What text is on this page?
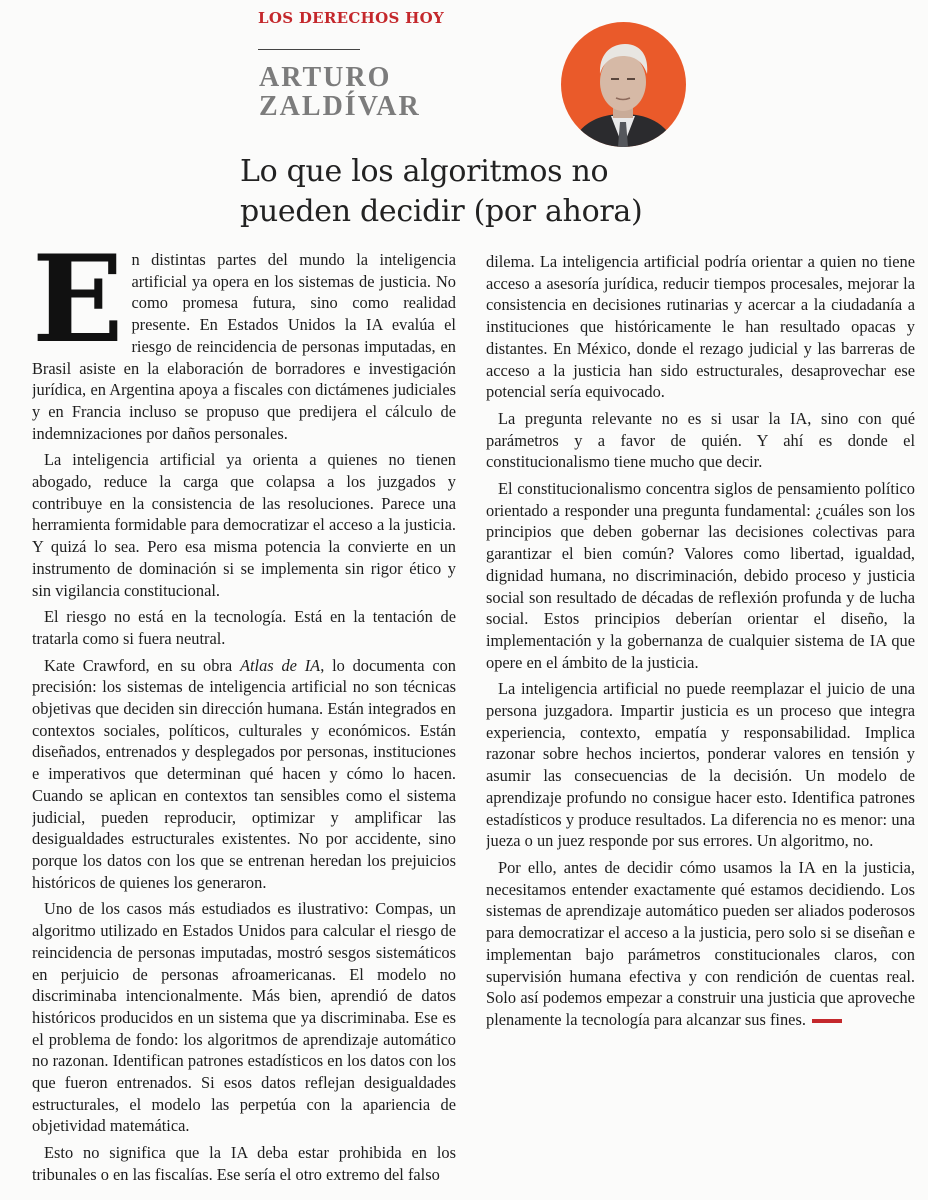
LOS DERECHOS HOY
ARTURO
ZALDÍVAR
Lo que los algoritmos no pueden decidir (por ahora)

En distintas partes del mundo la inteligencia artificial ya opera en los sistemas de justicia. No como promesa futura, sino como realidad presente. En Estados Unidos la IA evalúa el riesgo de reincidencia de personas imputadas, en Brasil asiste en la elaboración de borradores e investigación jurídica, en Argentina apoya a fiscales con dictámenes judiciales y en Francia incluso se propuso que predijera el cálculo de indemnizaciones por daños personales.

La inteligencia artificial ya orienta a quienes no tienen abogado, reduce la carga que colapsa a los juzgados y contribuye en la consistencia de las resoluciones. Parece una herramienta formidable para democratizar el acceso a la justicia. Y quizá lo sea. Pero esa misma potencia la convierte en un instrumento de dominación si se implementa sin rigor ético y sin vigilancia constitucional.

El riesgo no está en la tecnología. Está en la tentación de tratarla como si fuera neutral.

Kate Crawford, en su obra Atlas de IA, lo documenta con precisión: los sistemas de inteligencia artificial no son técnicas objetivas que deciden sin dirección humana. Están integrados en contextos sociales, políticos, culturales y económicos. Están diseñados, entrenados y desplegados por personas, instituciones e imperativos que determinan qué hacen y cómo lo hacen. Cuando se aplican en contextos tan sensibles como el sistema judicial, pueden reproducir, optimizar y amplificar las desigualdades estructurales existentes. No por accidente, sino porque los datos con los que se entrenan heredan los prejuicios históricos de quienes los generaron.

Uno de los casos más estudiados es ilustrativo: Compas, un algoritmo utilizado en Estados Unidos para calcular el riesgo de reincidencia de personas imputadas, mostró sesgos sistemáticos en perjuicio de personas afroamericanas. El modelo no discriminaba intencionalmente. Más bien, aprendió de datos históricos producidos en un sistema que ya discriminaba. Ese es el problema de fondo: los algoritmos de aprendizaje automático no razonan. Identifican patrones estadísticos en los datos con los que fueron entrenados. Si esos datos reflejan desigualdades estructurales, el modelo las perpetúa con la apariencia de objetividad matemática.

Esto no significa que la IA deba estar prohibida en los tribunales o en las fiscalías. Ese sería el otro extremo del falso

dilema. La inteligencia artificial podría orientar a quien no tiene acceso a asesoría jurídica, reducir tiempos procesales, mejorar la consistencia en decisiones rutinarias y acercar a la ciudadanía a instituciones que históricamente le han resultado opacas y distantes. En México, donde el rezago judicial y las barreras de acceso a la justicia han sido estructurales, desaprovechar ese potencial sería equivocado.

La pregunta relevante no es si usar la IA, sino con qué parámetros y a favor de quién. Y ahí es donde el constitucionalismo tiene mucho que decir.

El constitucionalismo concentra siglos de pensamiento político orientado a responder una pregunta fundamental: ¿cuáles son los principios que deben gobernar las decisiones colectivas para garantizar el bien común? Valores como libertad, igualdad, dignidad humana, no discriminación, debido proceso y justicia social son resultado de décadas de reflexión profunda y de lucha social. Estos principios deberían orientar el diseño, la implementación y la gobernanza de cualquier sistema de IA que opere en el ámbito de la justicia.

La inteligencia artificial no puede reemplazar el juicio de una persona juzgadora. Impartir justicia es un proceso que integra experiencia, contexto, empatía y responsabilidad. Implica razonar sobre hechos inciertos, ponderar valores en tensión y asumir las consecuencias de la decisión. Un modelo de aprendizaje profundo no consigue hacer esto. Identifica patrones estadísticos y produce resultados. La diferencia no es menor: una jueza o un juez responde por sus errores. Un algoritmo, no.

Por ello, antes de decidir cómo usamos la IA en la justicia, necesitamos entender exactamente qué estamos decidiendo. Los sistemas de aprendizaje automático pueden ser aliados poderosos para democratizar el acceso a la justicia, pero solo si se diseñan e implementan bajo parámetros constitucionales claros, con supervisión humana efectiva y con rendición de cuentas real. Solo así podemos empezar a construir una justicia que aproveche plenamente la tecnología para alcanzar sus fines.
